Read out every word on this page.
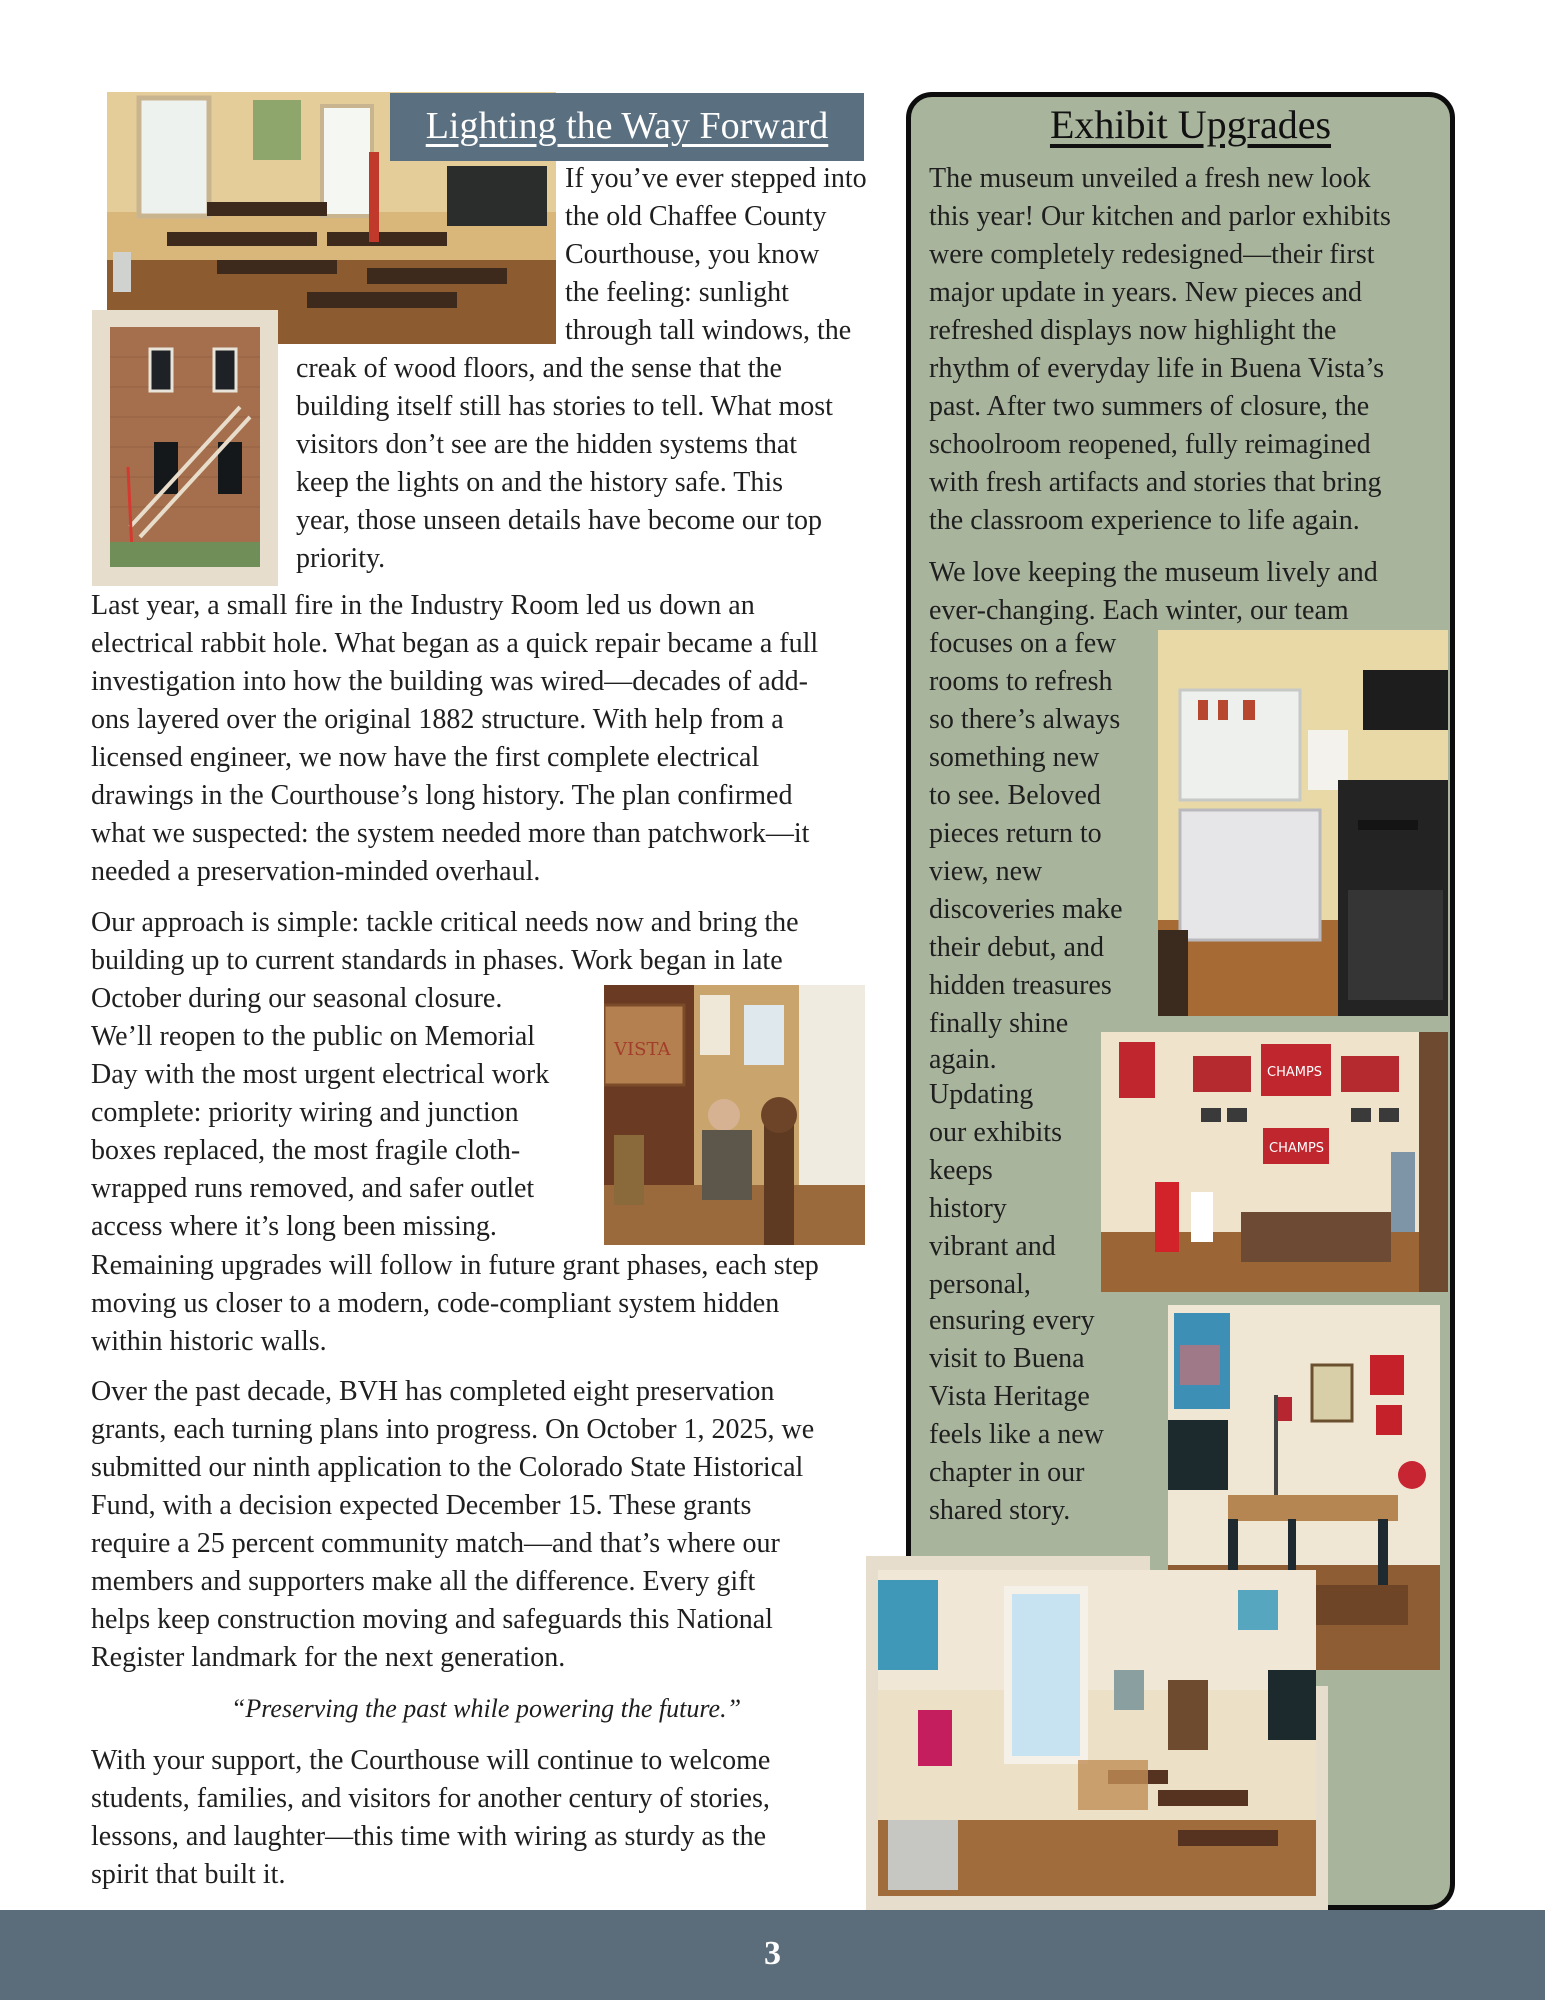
Lighting the Way Forward
If you’ve ever stepped into
the old Chaffee County
Courthouse, you know
the feeling: sunlight
through tall windows, the
creak of wood floors, and the sense that the
building itself still has stories to tell. What most
visitors don’t see are the hidden systems that
keep the lights on and the history safe. This
year, those unseen details have become our top
priority.
Last year, a small fire in the Industry Room led us down an
electrical rabbit hole. What began as a quick repair became a full
investigation into how the building was wired—decades of add-
ons layered over the original 1882 structure. With help from a
licensed engineer, we now have the first complete electrical
drawings in the Courthouse’s long history. The plan confirmed
what we suspected: the system needed more than patchwork—it
needed a preservation-minded overhaul.
Our approach is simple: tackle critical needs now and bring the
building up to current standards in phases. Work began in late
October during our seasonal closure.
We’ll reopen to the public on Memorial
Day with the most urgent electrical work
complete: priority wiring and junction
boxes replaced, the most fragile cloth-
wrapped runs removed, and safer outlet
access where it’s long been missing.
VISTA
Remaining upgrades will follow in future grant phases, each step
moving us closer to a modern, code-compliant system hidden
within historic walls.
Over the past decade, BVH has completed eight preservation
grants, each turning plans into progress. On October 1, 2025, we
submitted our ninth application to the Colorado State Historical
Fund, with a decision expected December 15. These grants
require a 25 percent community match—and that’s where our
members and supporters make all the difference. Every gift
helps keep construction moving and safeguards this National
Register landmark for the next generation.
“Preserving the past while powering the future.”
With your support, the Courthouse will continue to welcome
students, families, and visitors for another century of stories,
lessons, and laughter—this time with wiring as sturdy as the
spirit that built it.
Exhibit Upgrades
The museum unveiled a fresh new look
this year! Our kitchen and parlor exhibits
were completely redesigned—their first
major update in years. New pieces and
refreshed displays now highlight the
rhythm of everyday life in Buena Vista’s
past. After two summers of closure, the
schoolroom reopened, fully reimagined
with fresh artifacts and stories that bring
the classroom experience to life again.
We love keeping the museum lively and
ever-changing. Each winter, our team
focuses on a few
rooms to refresh
so there’s always
something new
to see. Beloved
pieces return to
view, new
discoveries make
their debut, and
hidden treasures
finally shine
again.
Updating
our exhibits
keeps
history
vibrant and
personal,
ensuring every
visit to Buena
Vista Heritage
feels like a new
chapter in our
shared story.
CHAMPS
CHAMPS
3
